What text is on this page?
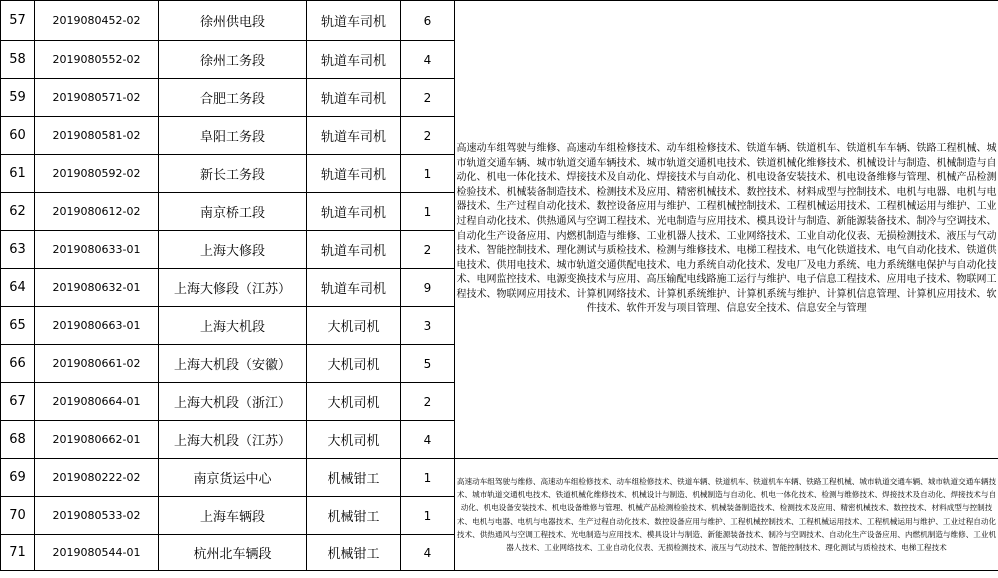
57	2019080452-02	徐州供电段	轨道车司机	6	高速动车组驾驶与维修、高速动车组检修技术、动车组检修技术、铁道车辆、铁道机车、铁道机车车辆、铁路工程机械、城市轨道交通车辆、城市轨道交通车辆技术、城市轨道交通机电技术、铁道机械化维修技术、机械设计与制造、机械制造与自动化、机电一体化技术、焊接技术及自动化、焊接技术与自动化、机电设备安装技术、机电设备维修与管理、机械产品检测检验技术、机械装备制造技术、检测技术及应用、精密机械技术、数控技术、材料成型与控制技术、电机与电器、电机与电器技术、生产过程自动化技术、数控设备应用与维护、工程机械控制技术、工程机械运用技术、工程机械运用与维护、工业过程自动化技术、供热通风与空调工程技术、光电制造与应用技术、模具设计与制造、新能源装备技术、制冷与空调技术、自动化生产设备应用、内燃机制造与维修、工业机器人技术、工业网络技术、工业自动化仪表、无损检测技术、液压与气动技术、智能控制技术、理化测试与质检技术、检测与维修技术、电梯工程技术、电气化铁道技术、电气自动化技术、铁道供电技术、供用电技术、城市轨道交通供配电技术、电力系统自动化技术、发电厂及电力系统、电力系统继电保护与自动化技术、电网监控技术、电源变换技术与应用、高压输配电线路施工运行与维护、电子信息工程技术、应用电子技术、物联网工程技术、物联网应用技术、计算机网络技术、计算机系统维护、计算机系统与维护、计算机信息管理、计算机应用技术、软件技术、软件开发与项目管理、信息安全技术、信息安全与管理
58	2019080552-02	徐州工务段	轨道车司机	4	
59	2019080571-02	合肥工务段	轨道车司机	2	
60	2019080581-02	阜阳工务段	轨道车司机	2	
61	2019080592-02	新长工务段	轨道车司机	1	
62	2019080612-02	南京桥工段	轨道车司机	1	
63	2019080633-01	上海大修段	轨道车司机	2	
64	2019080632-01	上海大修段（江苏）	轨道车司机	9	
65	2019080663-01	上海大机段	大机司机	3	
66	2019080661-02	上海大机段（安徽）	大机司机	5	
67	2019080664-01	上海大机段（浙江）	大机司机	2	
68	2019080662-01	上海大机段（江苏）	大机司机	4	
69	2019080222-02	南京货运中心	机械钳工	1	高速动车组驾驶与维修、高速动车组检修技术、动车组检修技术、铁道车辆、铁道机车、铁道机车车辆、铁路工程机械、城市轨道交通车辆、城市轨道交通车辆技术、城市轨道交通机电技术、铁道机械化维修技术、机械设计与制造、机械制造与自动化、机电一体化技术、检测与维修技术、焊接技术及自动化、焊接技术与自动化、机电设备安装技术、机电设备维修与管理、机械产品检测检验技术、机械装备制造技术、检测技术及应用、精密机械技术、数控技术、材料成型与控制技术、电机与电器、电机与电器技术、生产过程自动化技术、数控设备应用与维护、工程机械控制技术、工程机械运用技术、工程机械运用与维护、工业过程自动化技术、供热通风与空调工程技术、光电制造与应用技术、模具设计与制造、新能源装备技术、制冷与空调技术、自动化生产设备应用、内燃机制造与维修、工业机器人技术、工业网络技术、工业自动化仪表、无损检测技术、液压与气动技术、智能控制技术、理化测试与质检技术、电梯工程技术
70	2019080533-02	上海车辆段	机械钳工	1	
71	2019080544-01	杭州北车辆段	机械钳工	4	
